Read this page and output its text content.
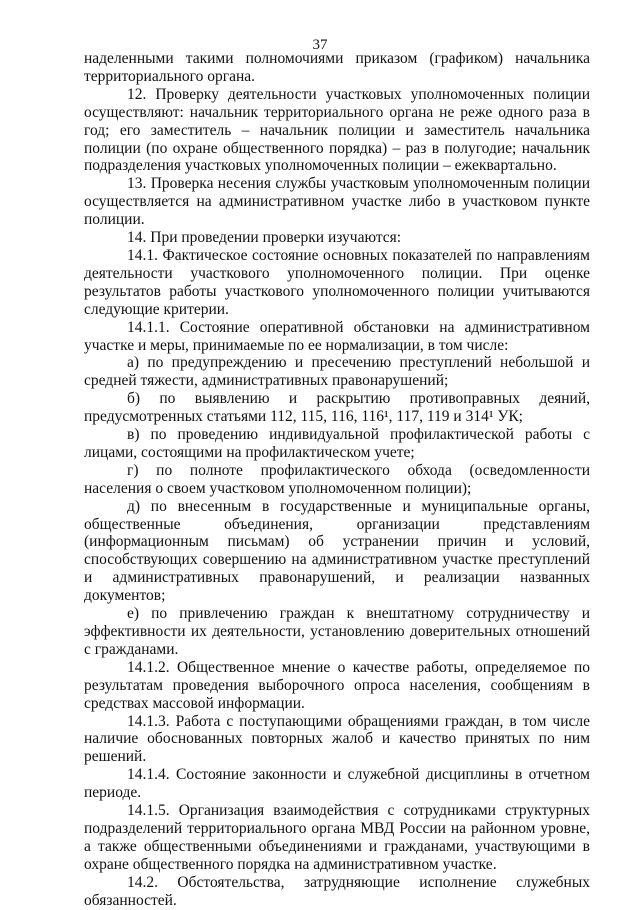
37

наделенными такими полномочиями приказом (графиком) начальника территориального органа.

12. Проверку деятельности участковых уполномоченных полиции осуществляют: начальник территориального органа не реже одного раза в год; его заместитель – начальник полиции и заместитель начальника полиции (по охране общественного порядка) – раз в полугодие; начальник подразделения участковых уполномоченных полиции – ежеквартально.

13. Проверка несения службы участковым уполномоченным полиции осуществляется на административном участке либо в участковом пункте полиции.

14. При проведении проверки изучаются:

14.1. Фактическое состояние основных показателей по направлениям деятельности участкового уполномоченного полиции. При оценке результатов работы участкового уполномоченного полиции учитываются следующие критерии.

14.1.1. Состояние оперативной обстановки на административном участке и меры, принимаемые по ее нормализации, в том числе:

а) по предупреждению и пресечению преступлений небольшой и средней тяжести, административных правонарушений;

б) по выявлению и раскрытию противоправных деяний, предусмотренных статьями 112, 115, 116, 116¹, 117, 119 и 314¹ УК;

в) по проведению индивидуальной профилактической работы с лицами, состоящими на профилактическом учете;

г) по полноте профилактического обхода (осведомленности населения о своем участковом уполномоченном полиции);

д) по внесенным в государственные и муниципальные органы, общественные объединения, организации представлениям (информационным письмам) об устранении причин и условий, способствующих совершению на административном участке преступлений и административных правонарушений, и реализации названных документов;

е) по привлечению граждан к внештатному сотрудничеству и эффективности их деятельности, установлению доверительных отношений с гражданами.

14.1.2. Общественное мнение о качестве работы, определяемое по результатам проведения выборочного опроса населения, сообщениям в средствах массовой информации.

14.1.3. Работа с поступающими обращениями граждан, в том числе наличие обоснованных повторных жалоб и качество принятых по ним решений.

14.1.4. Состояние законности и служебной дисциплины в отчетном периоде.

14.1.5. Организация взаимодействия с сотрудниками структурных подразделений территориального органа МВД России на районном уровне, а также общественными объединениями и гражданами, участвующими в охране общественного порядка на административном участке.

14.2. Обстоятельства, затрудняющие исполнение служебных обязанностей.
